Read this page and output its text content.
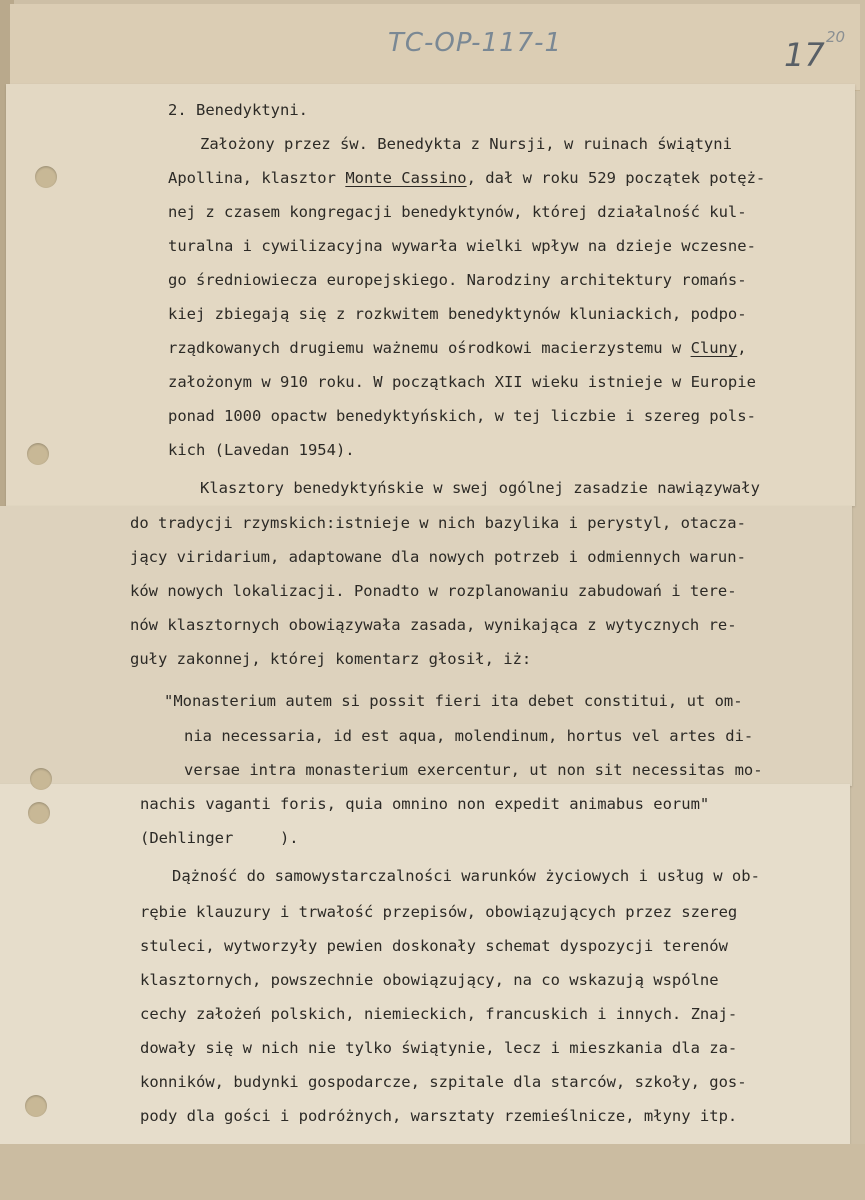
TC-OP-117-1	17 20
2. Benedyktyni.
Założony przez św. Benedykta z Nursji, w ruinach świątyni
Apollina, klasztor Monte Cassino, dał w roku 529 początek potęż-
nej z czasem kongregacji benedyktynów, której działalność kul-
turalna i cywilizacyjna wywarła wielki wpływ na dzieje wczesne-
go średniowiecza europejskiego. Narodziny architektury romańs-
kiej zbiegają się z rozkwitem benedyktynów kluniackich, podpo-
rządkowanych drugiemu ważnemu ośrodkowi macierzystemu w Cluny,
założonym w 910 roku. W początkach XII wieku istnieje w Europie
ponad 1000 opactw benedyktyńskich, w tej liczbie i szereg pols-
kich (Lavedan 1954).
Klasztory benedyktyńskie w swej ogólnej zasadzie nawiązywały
do tradycji rzymskich:istnieje w nich bazylika i perystyl, otacza-
jący viridarium, adaptowane dla nowych potrzeb i odmiennych warun-
ków nowych lokalizacji. Ponadto w rozplanowaniu zabudowań i tere-
nów klasztornych obowiązywała zasada, wynikająca z wytycznych re-
guły zakonnej, której komentarz głosił, iż:
"Monasterium autem si possit fieri ita debet constitui, ut om-
nia necessaria, id est aqua, molendinum, hortus vel artes di-
versae intra monasterium exercentur, ut non sit necessitas mo-
nachis vaganti foris, quia omnino non expedit animabus eorum"
(Dehlinger     ).
Dążność do samowystarczalności warunków życiowych i usług w ob-
rębie klauzury i trwałość przepisów, obowiązujących przez szereg
stuleci, wytworzyły pewien doskonały schemat dyspozycji terenów
klasztornych, powszechnie obowiązujący, na co wskazują wspólne
cechy założeń polskich, niemieckich, francuskich i innych. Znaj-
dowały się w nich nie tylko świątynie, lecz i mieszkania dla za-
konników, budynki gospodarcze, szpitale dla starców, szkoły, gos-
pody dla gości i podróżnych, warsztaty rzemieślnicze, młyny itp.
